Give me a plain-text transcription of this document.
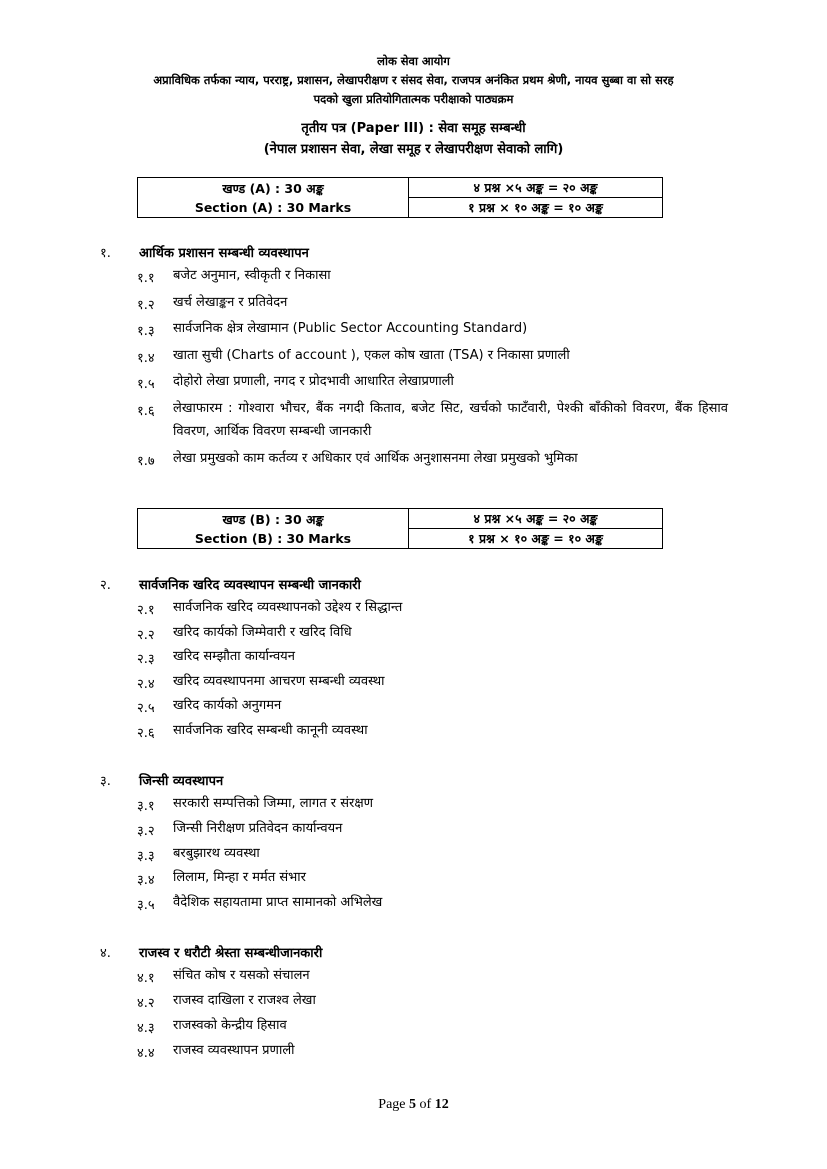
लोक सेवा आयोग
अप्राविधिक तर्फका न्याय, परराष्ट्र, प्रशासन, लेखापरीक्षण र संसद सेवा, राजपत्र अनंकित प्रथम श्रेणी, नायव सुब्बा वा सो सरह
पदको खुला प्रतियोगितात्मक परीक्षाको पाठ्यक्रम
तृतीय पत्र (Paper III) : सेवा समूह सम्बन्धी
(नेपाल प्रशासन सेवा, लेखा समूह र लेखापरीक्षण सेवाको लागि)
खण्ड (A) : 30 अङ्क
Section (A) : 30 Marks
	४ प्रश्न ×५ अङ्क = २० अङ्क
१ प्रश्न × १० अङ्क = १० अङ्क
१. आर्थिक प्रशासन सम्बन्धी व्यवस्थापन
१.१ बजेट अनुमान, स्वीकृती र निकासा
१.२ खर्च लेखाङ्कन र प्रतिवेदन
१.३ सार्वजनिक क्षेत्र लेखामान (Public Sector Accounting Standard)
१.४ खाता सुची (Charts of account ), एकल कोष खाता (TSA) र निकासा प्रणाली
१.५ दोहोरो लेखा प्रणाली, नगद र प्रोदभावी आधारित लेखाप्रणाली
१.६ लेखाफारम : गोश्वारा भौचर, बैंक नगदी किताव, बजेट सिट, खर्चको फाटँवारी, पेश्की बाँकीको विवरण, बैंक हिसाव विवरण, आर्थिक विवरण सम्बन्धी जानकारी
१.७ लेखा प्रमुखको काम कर्तव्य र अधिकार एवं आर्थिक अनुशासनमा लेखा प्रमुखको भुमिका
खण्ड (B) : 30 अङ्क
Section (B) : 30 Marks
	४ प्रश्न ×५ अङ्क = २० अङ्क
१ प्रश्न × १० अङ्क = १० अङ्क
२. सार्वजनिक खरिद व्यवस्थापन सम्बन्धी जानकारी
२.१ सार्वजनिक खरिद व्यवस्थापनको उद्देश्य र सिद्धान्त
२.२ खरिद कार्यको जिम्मेवारी र खरिद विधि
२.३ खरिद सम्झौता कार्यान्वयन
२.४ खरिद व्यवस्थापनमा आचरण सम्बन्धी व्यवस्था
२.५ खरिद कार्यको अनुगमन
२.६ सार्वजनिक खरिद सम्बन्धी कानूनी व्यवस्था
३. जिन्सी व्यवस्थापन
३.१ सरकारी सम्पत्तिको जिम्मा, लागत र संरक्षण
३.२ जिन्सी निरीक्षण प्रतिवेदन कार्यान्वयन
३.३ बरबुझारथ व्यवस्था
३.४ लिलाम, मिन्हा र मर्मत संभार
३.५ वैदेशिक सहायतामा प्राप्त सामानको अभिलेख
४. राजस्व र धरौटी श्रेस्ता सम्बन्धीजानकारी
४.१ संचित कोष र यसको संचालन
४.२ राजस्व दाखिला र राजश्व लेखा
४.३ राजस्वको केन्द्रीय हिसाव
४.४ राजस्व व्यवस्थापन प्रणाली
Page 5 of 12
